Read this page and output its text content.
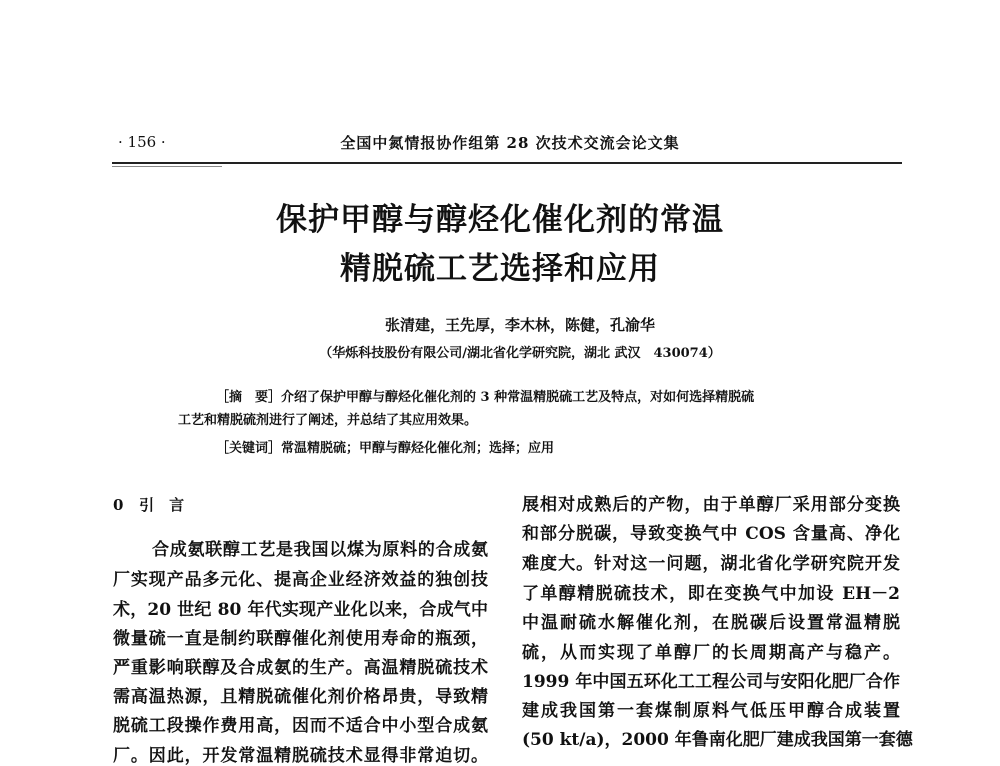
· 156 ·	全国中氮情报协作组第 28 次技术交流会论文集
保护甲醇与醇烃化催化剂的常温
精脱硫工艺选择和应用
张清建，王先厚，李木林，陈健，孔渝华
（华烁科技股份有限公司/湖北省化学研究院，湖北 武汉　430074）
［摘　要］介绍了保护甲醇与醇烃化催化剂的 3 种常温精脱硫工艺及特点，对如何选择精脱硫
工艺和精脱硫剂进行了阐述，并总结了其应用效果。
［关键词］常温精脱硫；甲醇与醇烃化催化剂；选择；应用
0 引　言
合成氨联醇工艺是我国以煤为原料的合成氨
厂实现产品多元化、提高企业经济效益的独创技
术，20 世纪 80 年代实现产业化以来，合成气中
微量硫一直是制约联醇催化剂使用寿命的瓶颈，
严重影响联醇及合成氨的生产。高温精脱硫技术
需高温热源，且精脱硫催化剂价格昂贵，导致精
脱硫工段操作费用高，因而不适合中小型合成氨
厂。因此，开发常温精脱硫技术显得非常迫切。
展相对成熟后的产物，由于单醇厂采用部分变换
和部分脱碳，导致变换气中 COS 含量高、净化
难度大。针对这一问题，湖北省化学研究院开发
了单醇精脱硫技术，即在变换气中加设 EH－2
中温耐硫水解催化剂，在脱碳后设置常温精脱
硫，从而实现了单醇厂的长周期高产与稳产。
1999 年中国五环化工工程公司与安阳化肥厂合作
建成我国第一套煤制原料气低压甲醇合成装置
(50 kt/a)，2000 年鲁南化肥厂建成我国第一套德
